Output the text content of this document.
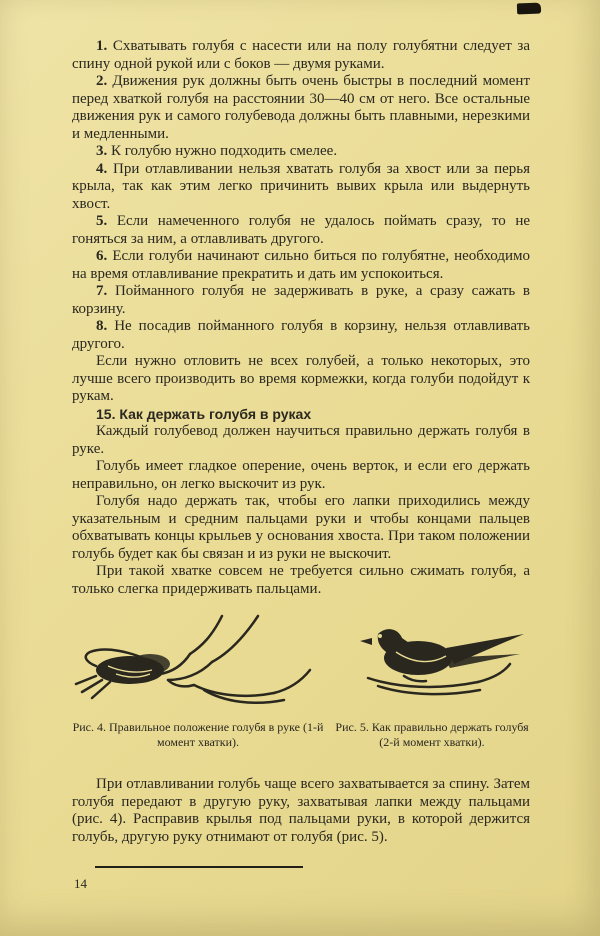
1. Схватывать голубя с насести или на полу голубятни следует за спину одной рукой или с боков — двумя руками.

2. Движения рук должны быть очень быстры в последний момент перед хваткой голубя на расстоянии 30—40 см от него. Все остальные движения рук и самого голубевода должны быть плавными, нерезкими и медленными.

3. К голубю нужно подходить смелее.

4. При отлавливании нельзя хватать голубя за хвост или за перья крыла, так как этим легко причинить вывих крыла или выдернуть хвост.

5. Если намеченного голубя не удалось поймать сразу, то не гоняться за ним, а отлавливать другого.

6. Если голуби начинают сильно биться по голубятне, необходимо на время отлавливание прекратить и дать им успокоиться.

7. Пойманного голубя не задерживать в руке, а сразу сажать в корзину.

8. Не посадив пойманного голубя в корзину, нельзя отлавливать другого.

Если нужно отловить не всех голубей, а только некоторых, это лучше всего производить во время кормежки, когда голуби подойдут к рукам.

15. Как держать голубя в руках

Каждый голубевод должен научиться правильно держать голубя в руке.

Голубь имеет гладкое оперение, очень верток, и если его держать неправильно, он легко выскочит из рук.

Голубя надо держать так, чтобы его лапки приходились между указательным и средним пальцами руки и чтобы концами пальцев обхватывать концы крыльев у основания хвоста. При таком положении голубь будет как бы связан и из руки не выскочит.

При такой хватке совсем не требуется сильно сжимать голубя, а только слегка придерживать пальцами.

Рис. 4. Правильное положение голубя в руке (1-й момент хватки).

Рис. 5. Как правильно держать голубя (2-й момент хватки).

При отлавливании голубь чаще всего захватывается за спину. Затем голубя передают в другую руку, захватывая лапки между пальцами (рис. 4). Расправив крылья под пальцами руки, в которой держится голубь, другую руку отнимают от голубя (рис. 5).

14
